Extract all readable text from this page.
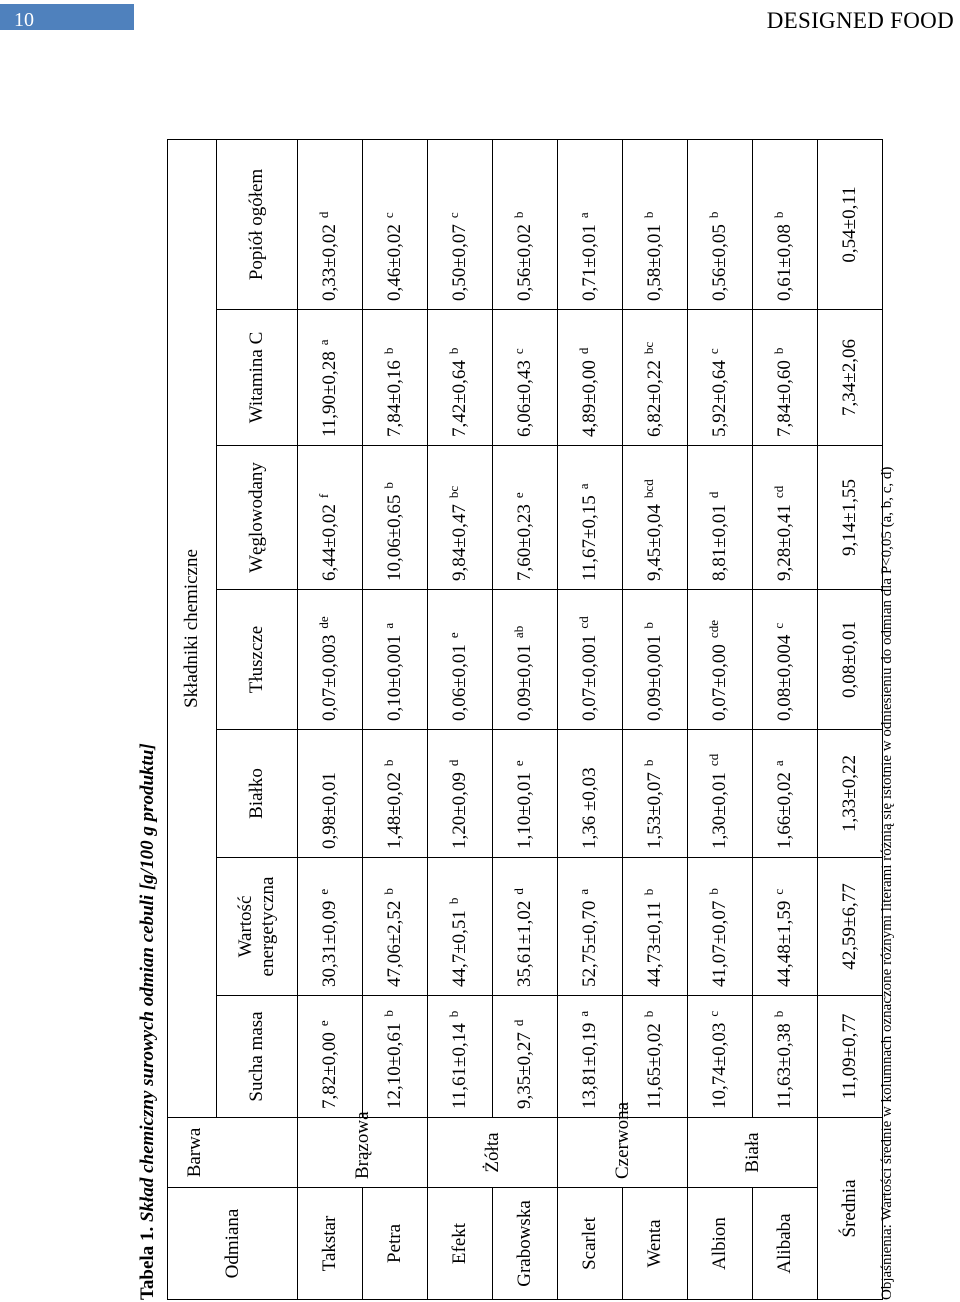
10	DESIGNED FOOD
Tabela 1. Skład chemiczny surowych odmian cebuli [g/100 g produktu]
Odmiana	Barwa	Składniki chemiczne						
		Sucha masa	Wartość energetyczna	Białko	Tłuszcze	Węglowodany	Witamina C	Popiół ogółem
Takstar	Brązowa	7,82±0,00$^e$	30,31±0,09$^e$	0,98±0,01	0,07±0,003de	6,44±0,02$^f$	11,90±0,28$^a$	0,33±0,02$^d$
Petra		12,10±0,61$^b$	47,06±2,52$^b$	1,48±0,02$^b$	0,10±0,001$^a$	10,06±0,65$^b$	7,84±0,16$^b$	0,46±0,02$^c$
Efekt	Żółta	11,61±0,14$^b$	44,7±0,51$^b$	1,20±0,09$^d$	0,06±0,01$^e$	9,84±0,47$^{bc}$	7,42±0,64$^b$	0,50±0,07$^c$
Grabowska		9,35±0,27$^d$	35,61±1,02$^d$	1,10±0,01$^e$	0,09±0,01$^{ab}$	7,60±0,23$^e$	6,06±0,43$^c$	0,56±0,02$^b$
Scarlet	Czerwona	13,81±0,19$^a$	52,75±0,70$^a$	1,36 ±0,03	0,07±0,001$^{cd}$	11,67±0,15$^a$	4,89±0,00$^d$	0,71±0,01$^a$
Wenta		11,65±0,02$^b$	44,73±0,11$^b$	1,53±0,07$^b$	0,09±0,001$^b$	9,45±0,04$^{bcd}$	6,82±0,22$^{bc}$	0,58±0,01$^b$
Albion	Biała	10,74±0,03$^c$	41,07±0,07$^b$	1,30±0,01$^{cd}$	0,07±0,00$^{cde}$	8,81±0,01$^d$	5,92±0,64$^c$	0,56±0,05$^b$
Alibaba		11,63±0,38$^b$	44,48±1,59$^c$	1,66±0,02$^a$	0,08±0,004$^c$	9,28±0,41$^{cd}$	7,84±0,60$^b$	0,61±0,08$^b$
Średnia		11,09±0,77	42,59±6,77	1,33±0,22	0,08±0,01	9,14±1,55	7,34±2,06	0,54±0,11
Objaśnienia: Wartości średnie w kolumnach oznaczone różnymi literami różnią się istotnie w odniesieniu do odmian dla P<0,05 (a, b, c, d)
